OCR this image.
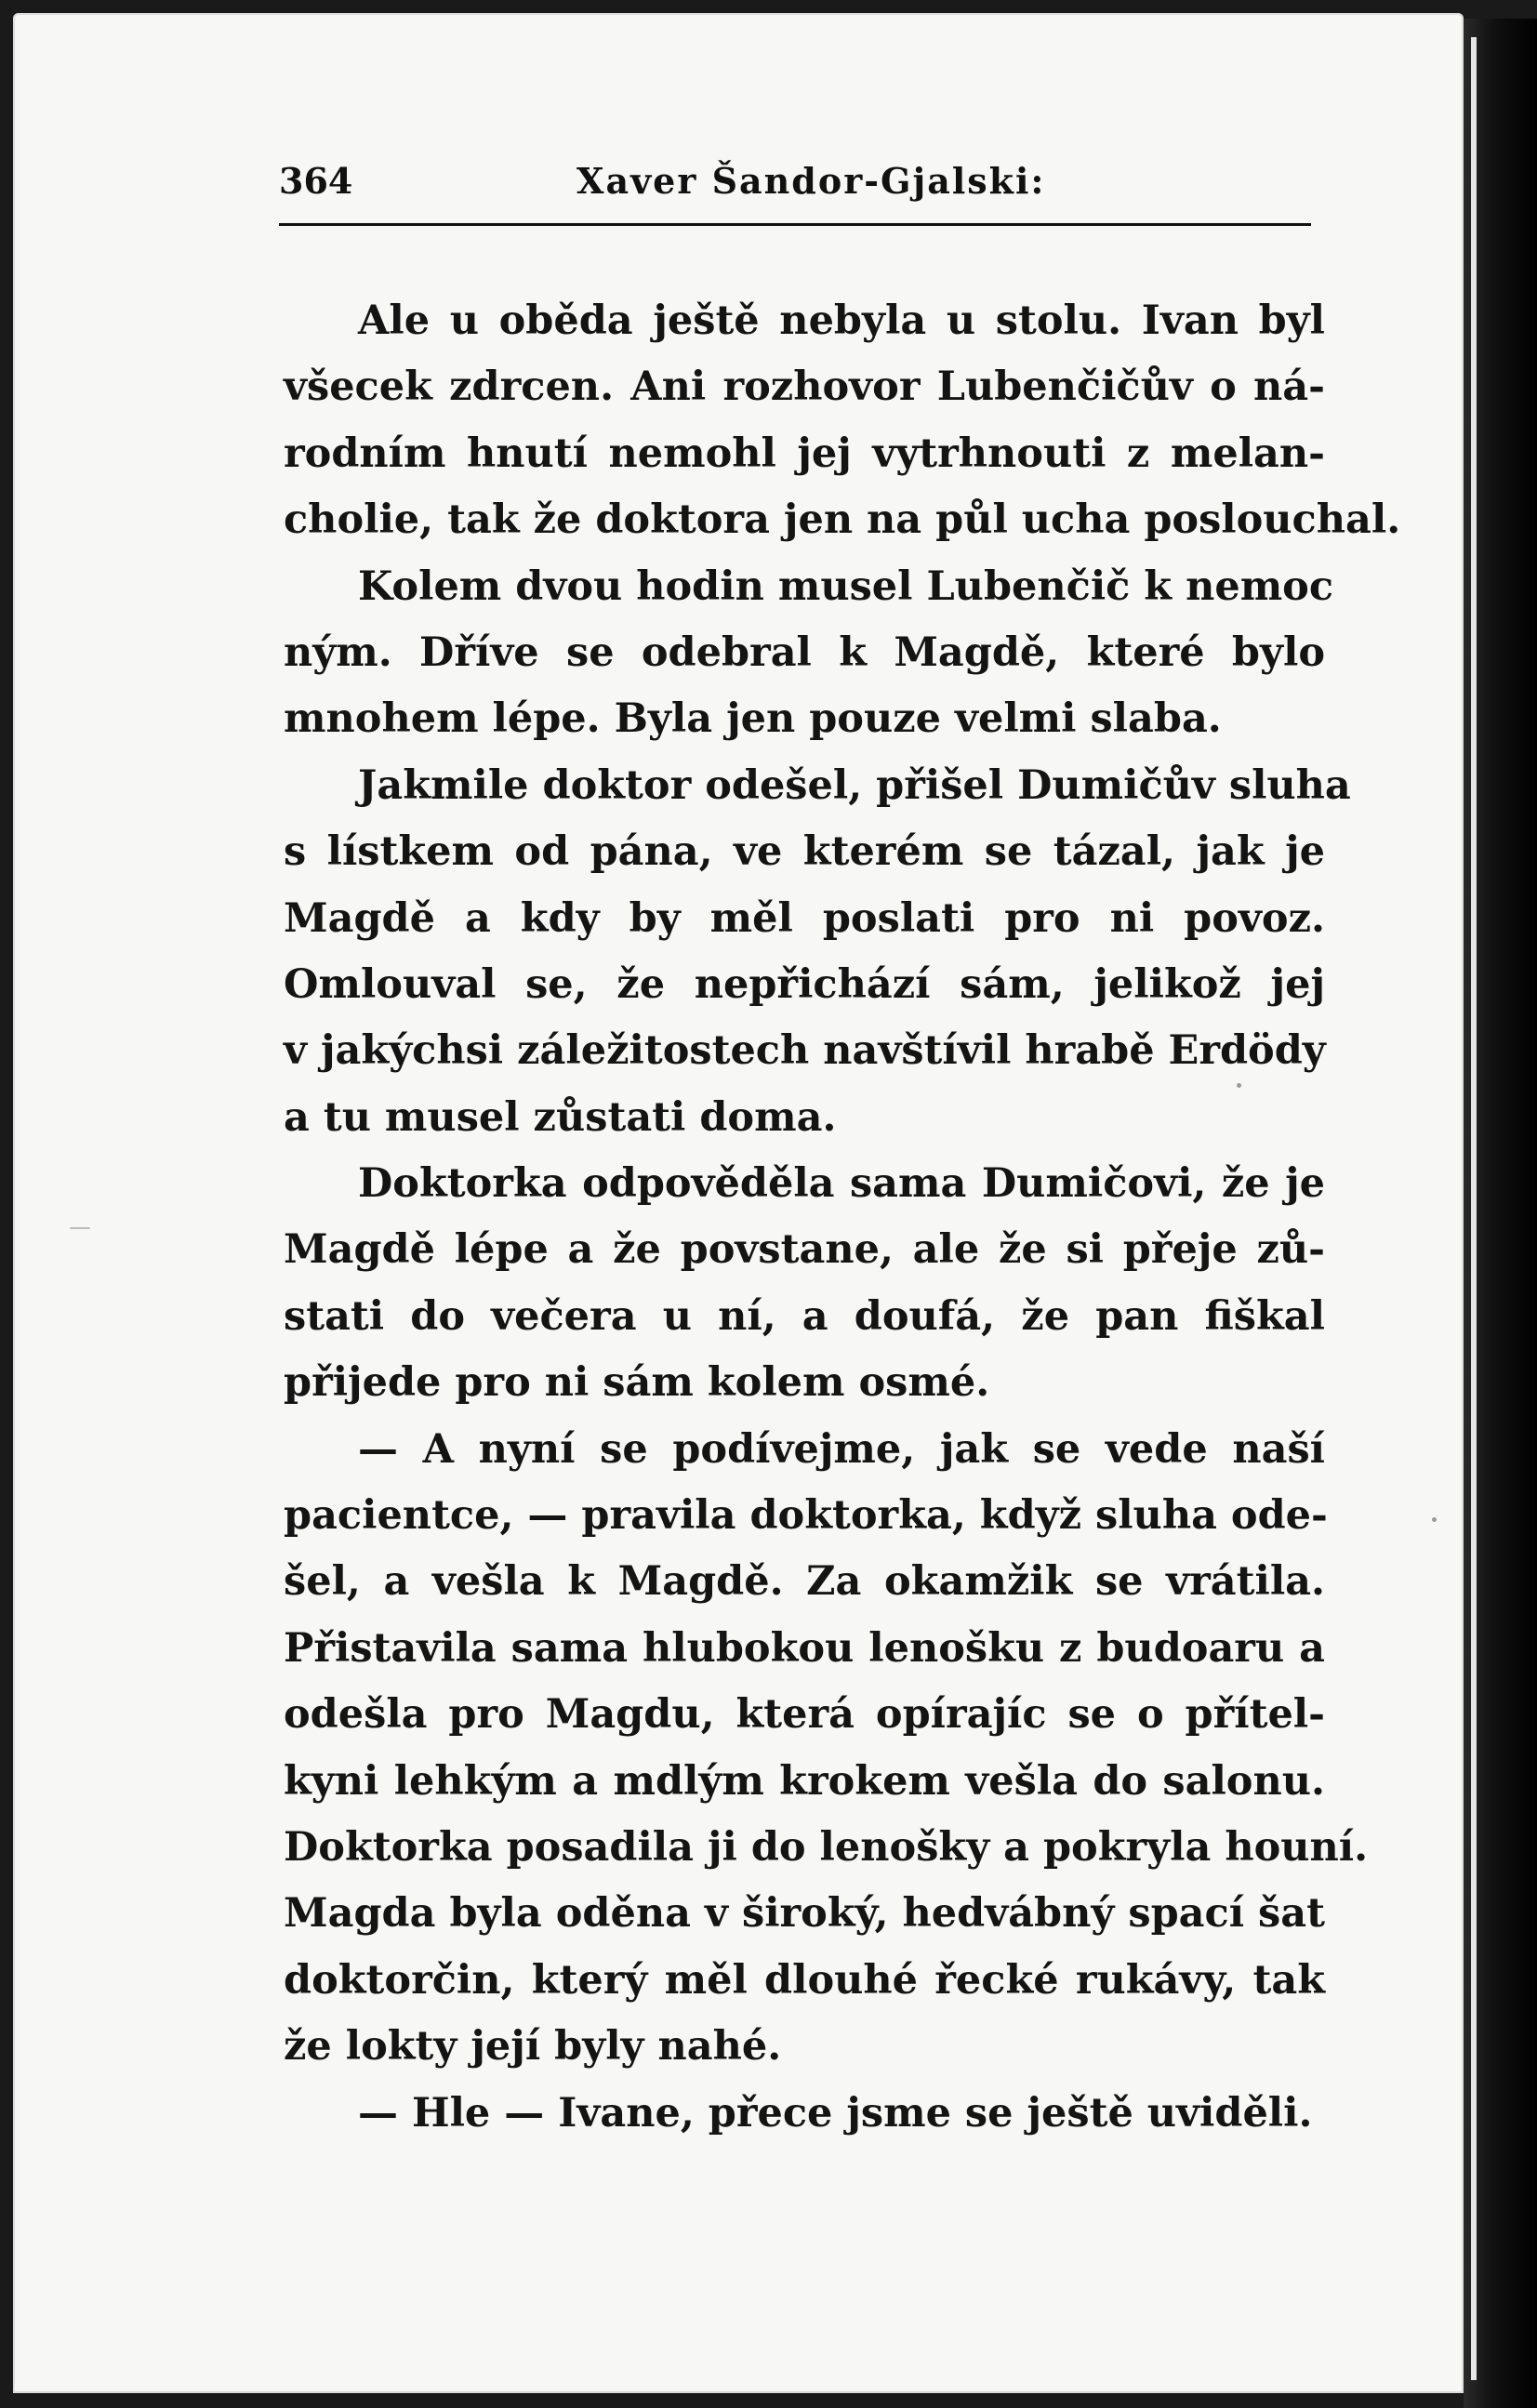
364	Xaver Šandor-Gjalski:
Ale u oběda ještě nebyla u stolu. Ivan byl
všecek zdrcen. Ani rozhovor Lubenčičův o ná-
rodním hnutí nemohl jej vytrhnouti z melan-
cholie, tak že doktora jen na půl ucha poslouchal.
Kolem dvou hodin musel Lubenčič k nemoc
ným. Dříve se odebral k Magdě, které bylo
mnohem lépe. Byla jen pouze velmi slaba.
Jakmile doktor odešel, přišel Dumičův sluha
s lístkem od pána, ve kterém se tázal, jak je
Magdě a kdy by měl poslati pro ni povoz.
Omlouval se, že nepřichází sám, jelikož jej
v jakýchsi záležitostech navštívil hrabě Erdödy
a tu musel zůstati doma.
Doktorka odpověděla sama Dumičovi, že je
Magdě lépe a že povstane, ale že si přeje zů-
stati do večera u ní, a doufá, že pan fiškal
přijede pro ni sám kolem osmé.
— A nyní se podívejme, jak se vede naší
pacientce, — pravila doktorka, když sluha ode-
šel, a vešla k Magdě. Za okamžik se vrátila.
Přistavila sama hlubokou lenošku z budoaru a
odešla pro Magdu, která opírajíc se o přítel-
kyni lehkým a mdlým krokem vešla do salonu.
Doktorka posadila ji do lenošky a pokryla houní.
Magda byla oděna v široký, hedvábný spací šat
doktorčin, který měl dlouhé řecké rukávy, tak
že lokty její byly nahé.
— Hle — Ivane, přece jsme se ještě uviděli.
